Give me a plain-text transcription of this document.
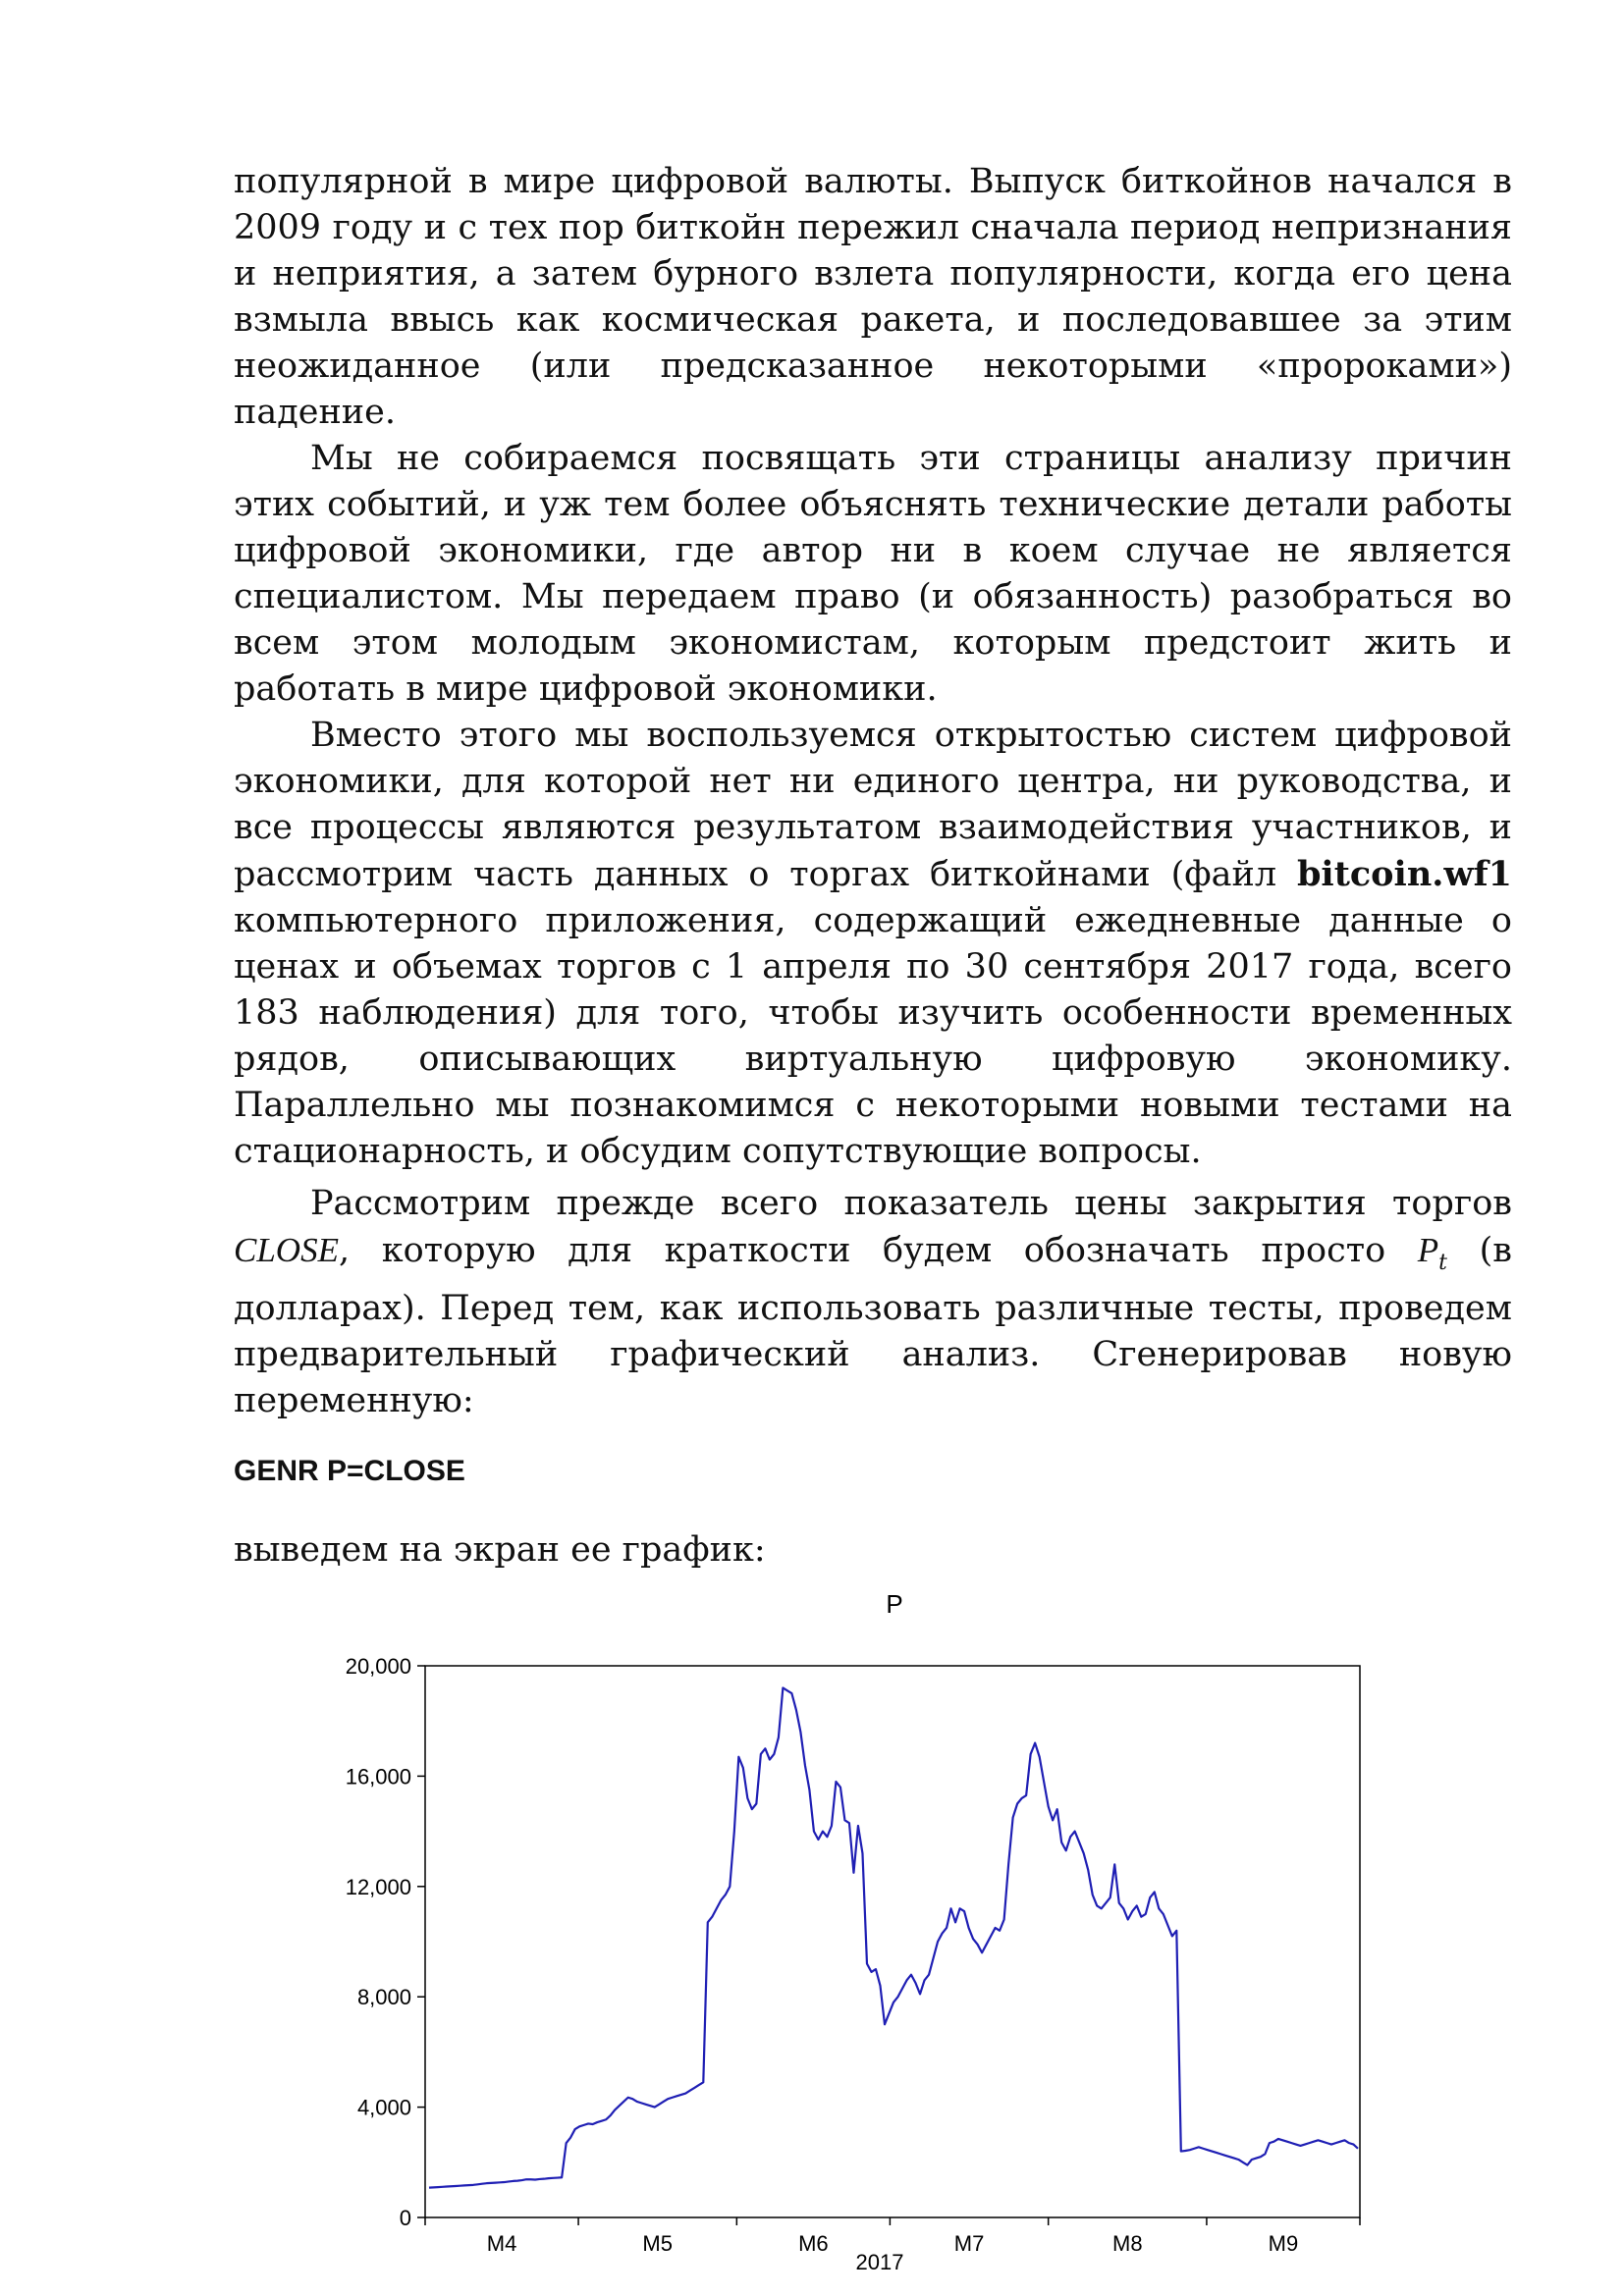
популярной в мире цифровой валюты. Выпуск биткойнов начался в 2009 году и с тех пор биткойн пережил сначала период непризнания и неприятия, а затем бурного взлета популярности, когда его цена взмыла ввысь как космическая ракета, и последовавшее за этим неожиданное (или предсказанное некоторыми «пророками») падение.

Мы не собираемся посвящать эти страницы анализу причин этих событий, и уж тем более объяснять технические детали работы цифровой экономики, где автор ни в коем случае не является специалистом. Мы передаем право (и обязанность) разобраться во всем этом молодым экономистам, которым предстоит жить и работать в мире цифровой экономики.

Вместо этого мы воспользуемся открытостью систем цифровой экономики, для которой нет ни единого центра, ни руководства, и все процессы являются результатом взаимодействия участников, и рассмотрим часть данных о торгах биткойнами (файл bitcoin.wf1 компьютерного приложения, содержащий ежедневные данные о ценах и объемах торгов с 1 апреля по 30 сентября 2017 года, всего 183 наблюдения) для того, чтобы изучить особенности временных рядов, описывающих виртуальную цифровую экономику. Параллельно мы познакомимся с некоторыми новыми тестами на стационарность, и обсудим сопутствующие вопросы.

Рассмотрим прежде всего показатель цены закрытия торгов CLOSE, которую для краткости будем обозначать просто $P_t$ (в долларах). Перед тем, как использовать различные тесты, проведем предварительный графический анализ. Сгенерировав новую переменную:

GENR P=CLOSE

выведем на экран ее график:

P
0
4,000
8,000
12,000
16,000
20,000
M4	M5	M6	M7	M8	M9
2017
